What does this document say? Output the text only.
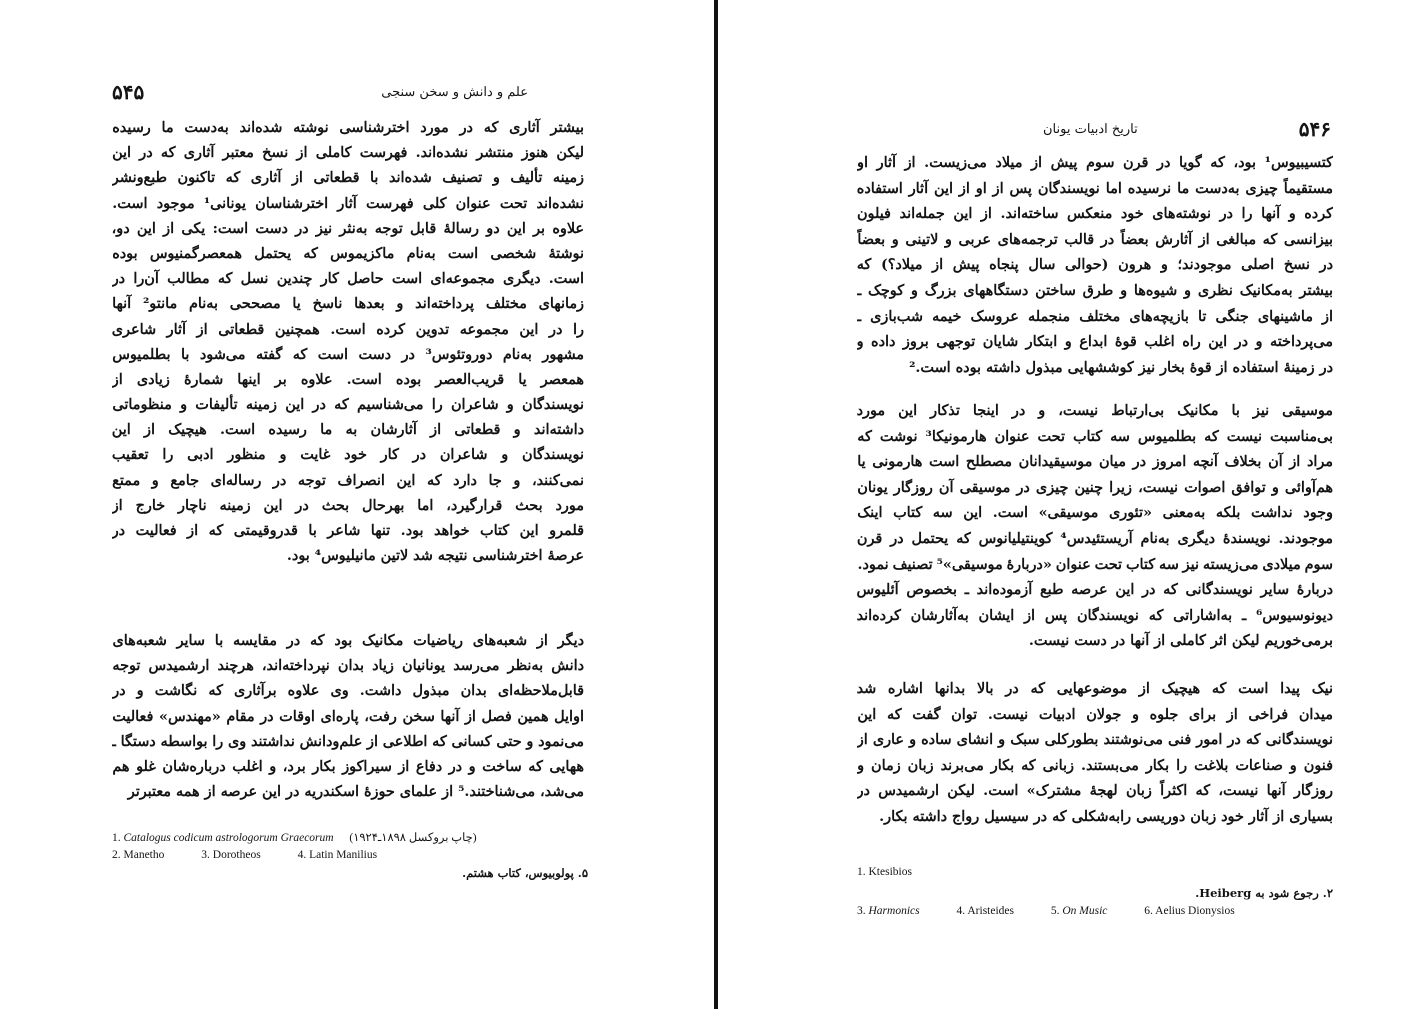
۵۴۵	علم و دانش و سخن سنجی
بیشتر آثاری که در مورد اخترشناسی نوشته شده‌اند به‌دست ما رسیده
لیکن هنوز منتشر نشده‌اند. فهرست کاملی از نسخ معتبر آثاری که در این
زمینه تألیف و تصنیف شده‌اند با قطعاتی از آثاری که تاکنون طبع‌ونشر
نشده‌اند تحت عنوان کلی فهرست آثار اخترشناسان یونانی¹ موجود است.
علاوه بر این دو رسالهٔ قابل توجه به‌نثر نیز در دست است: یکی از این دو،
نوشتهٔ شخصی است به‌نام ماکزیموس که یحتمل همعصرگمنیوس بوده
است. دیگری مجموعه‌ای است حاصل کار چندین نسل که مطالب آن‌را در
زمانهای مختلف پرداخته‌اند و بعدها ناسخ یا مصححی به‌نام مانتو² آنها
را در این مجموعه تدوین کرده است. همچنین قطعاتی از آثار شاعری
مشهور به‌نام دوروتئوس³ در دست است که گفته می‌شود با بطلمیوس
همعصر یا قریب‌العصر بوده است. علاوه بر اینها شمارهٔ زیادی از
نویسندگان و شاعران را می‌شناسیم که در این زمینه تألیفات و منظوماتی
داشته‌اند و قطعاتی از آثارشان به ما رسیده است. هیچیک از این
نویسندگان و شاعران در کار خود غایت و منظور ادبی را تعقیب
نمی‌کنند، و جا دارد که این انصراف توجه در رساله‌ای جامع و ممتع
مورد بحث قرارگیرد، اما بهرحال بحث در این زمینه ناچار خارج از
قلمرو این کتاب خواهد بود. تنها شاعر با قدروقیمتی که از فعالیت در
عرصهٔ اخترشناسی نتیجه شد لاتین مانیلیوس⁴ بود.
دیگر از شعبه‌های ریاضیات مکانیک بود که در مقایسه با سایر شعبه‌های
دانش به‌نظر می‌رسد یونانیان زیاد بدان نپرداخته‌اند، هرچند ارشمیدس توجه
قابل‌ملاحظه‌ای بدان مبذول داشت. وی علاوه برآثاری که نگاشت و در
اوایل همین فصل از آنها سخن رفت، پاره‌ای اوقات در مقام «مهندس» فعالیت
می‌نمود و حتی کسانی که اطلاعی از علم‌ودانش نداشتند وی را بواسطه دستگا ـ
ههایی که ساخت و در دفاع از سیراکوز بکار برد، و اغلب درباره‌شان غلو هم
می‌شد، می‌شناختند.⁵ از علمای حوزهٔ اسکندریه در این عرصه از همه معتبرتر
1. Catalogus codicum astrologorum Graecorum (چاپ بروکسل ۱۸۹۸ـ۱۹۲۴)
2. Manetho	3. Dorotheos	4. Latin Manilius
۵. پولوبیوس، کتاب هشتم.
تاریخ ادبیات یونان	۵۴۶
کتسیبیوس¹ بود، که گویا در قرن سوم پیش از میلاد می‌زیست. از آثار او
مستقیماً چیزی به‌دست ما نرسیده اما نویسندگان پس از او از این آثار استفاده
کرده و آنها را در نوشته‌های خود منعکس ساخته‌اند. از این جمله‌اند فیلون
بیزانسی که مبالغی از آثارش بعضاً در قالب ترجمه‌های عربی و لاتینی و بعضاً
در نسخ اصلی موجودند؛ و هرون (حوالی سال پنجاه پیش از میلاد؟) که
بیشتر به‌مکانیک نظری و شیوه‌ها و طرق ساختن دستگاههای بزرگ و کوچک ـ
از ماشینهای جنگی تا بازیچه‌های مختلف منجمله عروسک خیمه شب‌بازی ـ
می‌پرداخته و در این راه اغلب قوهٔ ابداع و ابتکار شایان توجهی بروز داده و
در زمینهٔ استفاده از قوهٔ بخار نیز کوششهایی مبذول داشته بوده است.²
موسیقی نیز با مکانیک بی‌ارتباط نیست، و در اینجا تذکار این مورد
بی‌مناسبت نیست که بطلمیوس سه کتاب تحت عنوان هارمونیکا³ نوشت که
مراد از آن بخلاف آنچه امروز در میان موسیقیدانان مصطلح است هارمونی یا
هم‌آوائی و توافق اصوات نیست، زیرا چنین چیزی در موسیقی آن روزگار یونان
وجود نداشت بلکه به‌معنی «تئوری موسیقی» است. این سه کتاب اینک
موجودند. نویسندهٔ دیگری به‌نام آریستئیدس⁴ کوینتیلیانوس که یحتمل در قرن
سوم میلادی می‌زیسته نیز سه کتاب تحت عنوان «دربارهٔ موسیقی»⁵ تصنیف نمود.
دربارهٔ سایر نویسندگانی که در این عرصه طبع آزموده‌اند ـ بخصوص آئلیوس
دیونوسیوس⁶ ـ به‌اشاراتی که نویسندگان پس از ایشان به‌آثارشان کرده‌اند
برمی‌خوریم لیکن اثر کاملی از آنها در دست نیست.
نیک پیدا است که هیچیک از موضوعهایی که در بالا بدانها اشاره شد
میدان فراخی از برای جلوه و جولان ادبیات نیست. توان گفت که این
نویسندگانی که در امور فنی می‌نوشتند بطورکلی سبک و انشای ساده و عاری از
فنون و صناعات بلاغت را بکار می‌بستند. زبانی که بکار می‌برند زبان زمان و
روزگار آنها نیست، که اکثراً زبان لهجهٔ مشترک» است. لیکن ارشمیدس در
بسیاری از آثار خود زبان دوریسی رابه‌شکلی که در سیسیل رواج داشته بکار.
1. Ktesibios
۲. رجوع شود به Heiberg.
3. Harmonics	4. Aristeides	5. On Music	6. Aelius Dionysios
